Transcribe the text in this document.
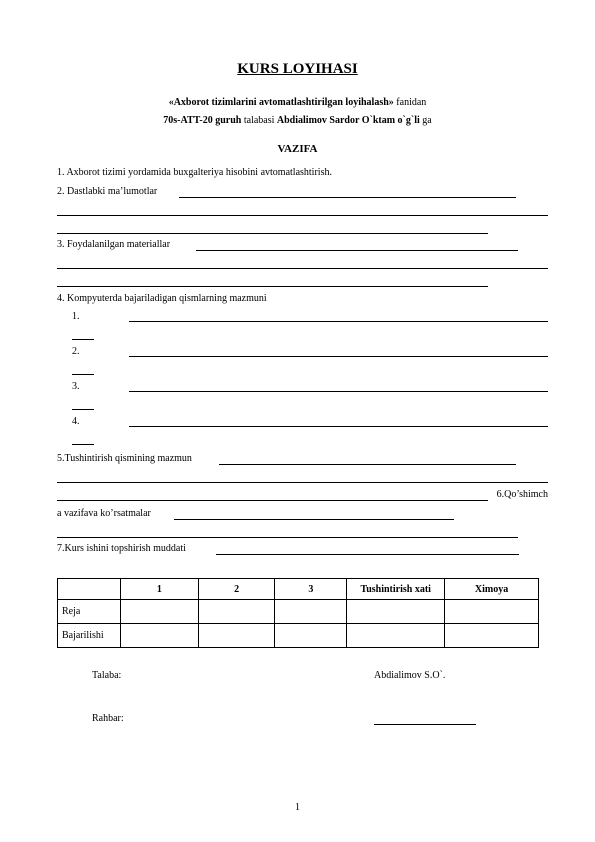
KURS LOYIHASI
«Axborot tizimlarini avtomatlashtirilgan loyihalash» fanidan
70s-ATT-20 guruh talabasi Abdialimov Sardor O`ktam o`g`li ga
VAZIFA
1. Axborot tizimi yordamida buxgalteriya hisobini avtomatlashtirish.
2. Dastlabki ma’lumotlar
3. Foydalanilgan materiallar
4. Kompyuterda bajariladigan qismlarning mazmuni
1.
2.
3.
4.
5.Tushintirish qismining mazmun
6.Qo’shimch
a vazifava ko’rsatmalar
7.Kurs ishini topshirish muddati
	1	2	3	Tushintirish xati	Ximoya
Reja					
Bajarilishi					
Talaba:	Abdialimov S.O`.
Rahbar:
1
